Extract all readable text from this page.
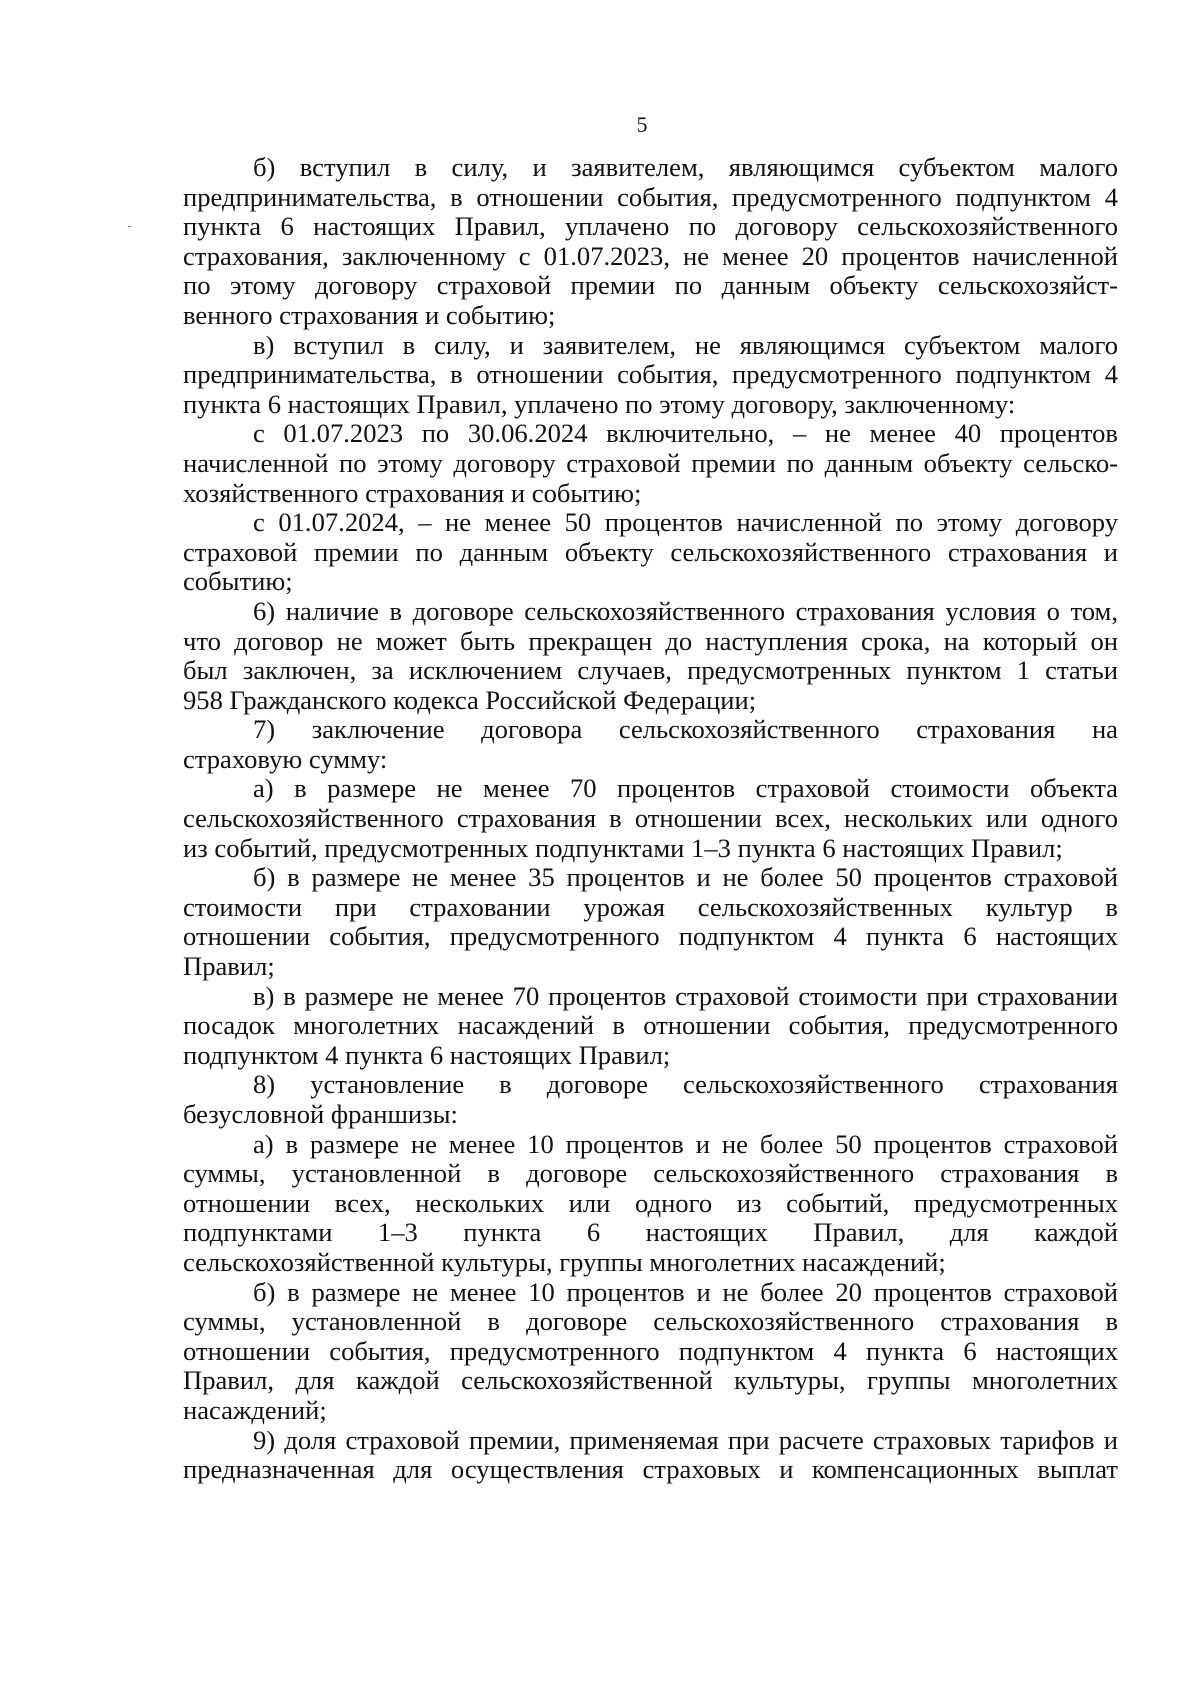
5
б) вступил в силу, и заявителем, являющимся субъектом малого
предпринимательства, в отношении события, предусмотренного подпунктом 4
пункта 6 настоящих Правил, уплачено по договору сельскохозяйственного
страхования, заключенному с 01.07.2023, не менее 20 процентов начисленной
по этому договору страховой премии по данным объекту сельскохозяйст-
венного страхования и событию;
в) вступил в силу, и заявителем, не являющимся субъектом малого
предпринимательства, в отношении события, предусмотренного подпунктом 4
пункта 6 настоящих Правил, уплачено по этому договору, заключенному:
с 01.07.2023 по 30.06.2024 включительно, – не менее 40 процентов
начисленной по этому договору страховой премии по данным объекту сельско-
хозяйственного страхования и событию;
с 01.07.2024, – не менее 50 процентов начисленной по этому договору
страховой премии по данным объекту сельскохозяйственного страхования и
событию;
6) наличие в договоре сельскохозяйственного страхования условия о том,
что договор не может быть прекращен до наступления срока, на который он
был заключен, за исключением случаев, предусмотренных пунктом 1 статьи
958 Гражданского кодекса Российской Федерации;
7) заключение договора сельскохозяйственного страхования на
страховую сумму:
а) в размере не менее 70 процентов страховой стоимости объекта
сельскохозяйственного страхования в отношении всех, нескольких или одного
из событий, предусмотренных подпунктами 1–3 пункта 6 настоящих Правил;
б) в размере не менее 35 процентов и не более 50 процентов страховой
стоимости при страховании урожая сельскохозяйственных культур в
отношении события, предусмотренного подпунктом 4 пункта 6 настоящих
Правил;
в) в размере не менее 70 процентов страховой стоимости при страховании
посадок многолетних насаждений в отношении события, предусмотренного
подпунктом 4 пункта 6 настоящих Правил;
8) установление в договоре сельскохозяйственного страхования
безусловной франшизы:
а) в размере не менее 10 процентов и не более 50 процентов страховой
суммы, установленной в договоре сельскохозяйственного страхования в
отношении всех, нескольких или одного из событий, предусмотренных
подпунктами 1–3 пункта 6 настоящих Правил, для каждой
сельскохозяйственной культуры, группы многолетних насаждений;
б) в размере не менее 10 процентов и не более 20 процентов страховой
суммы, установленной в договоре сельскохозяйственного страхования в
отношении события, предусмотренного подпунктом 4 пункта 6 настоящих
Правил, для каждой сельскохозяйственной культуры, группы многолетних
насаждений;
9) доля страховой премии, применяемая при расчете страховых тарифов и
предназначенная для осуществления страховых и компенсационных выплат
